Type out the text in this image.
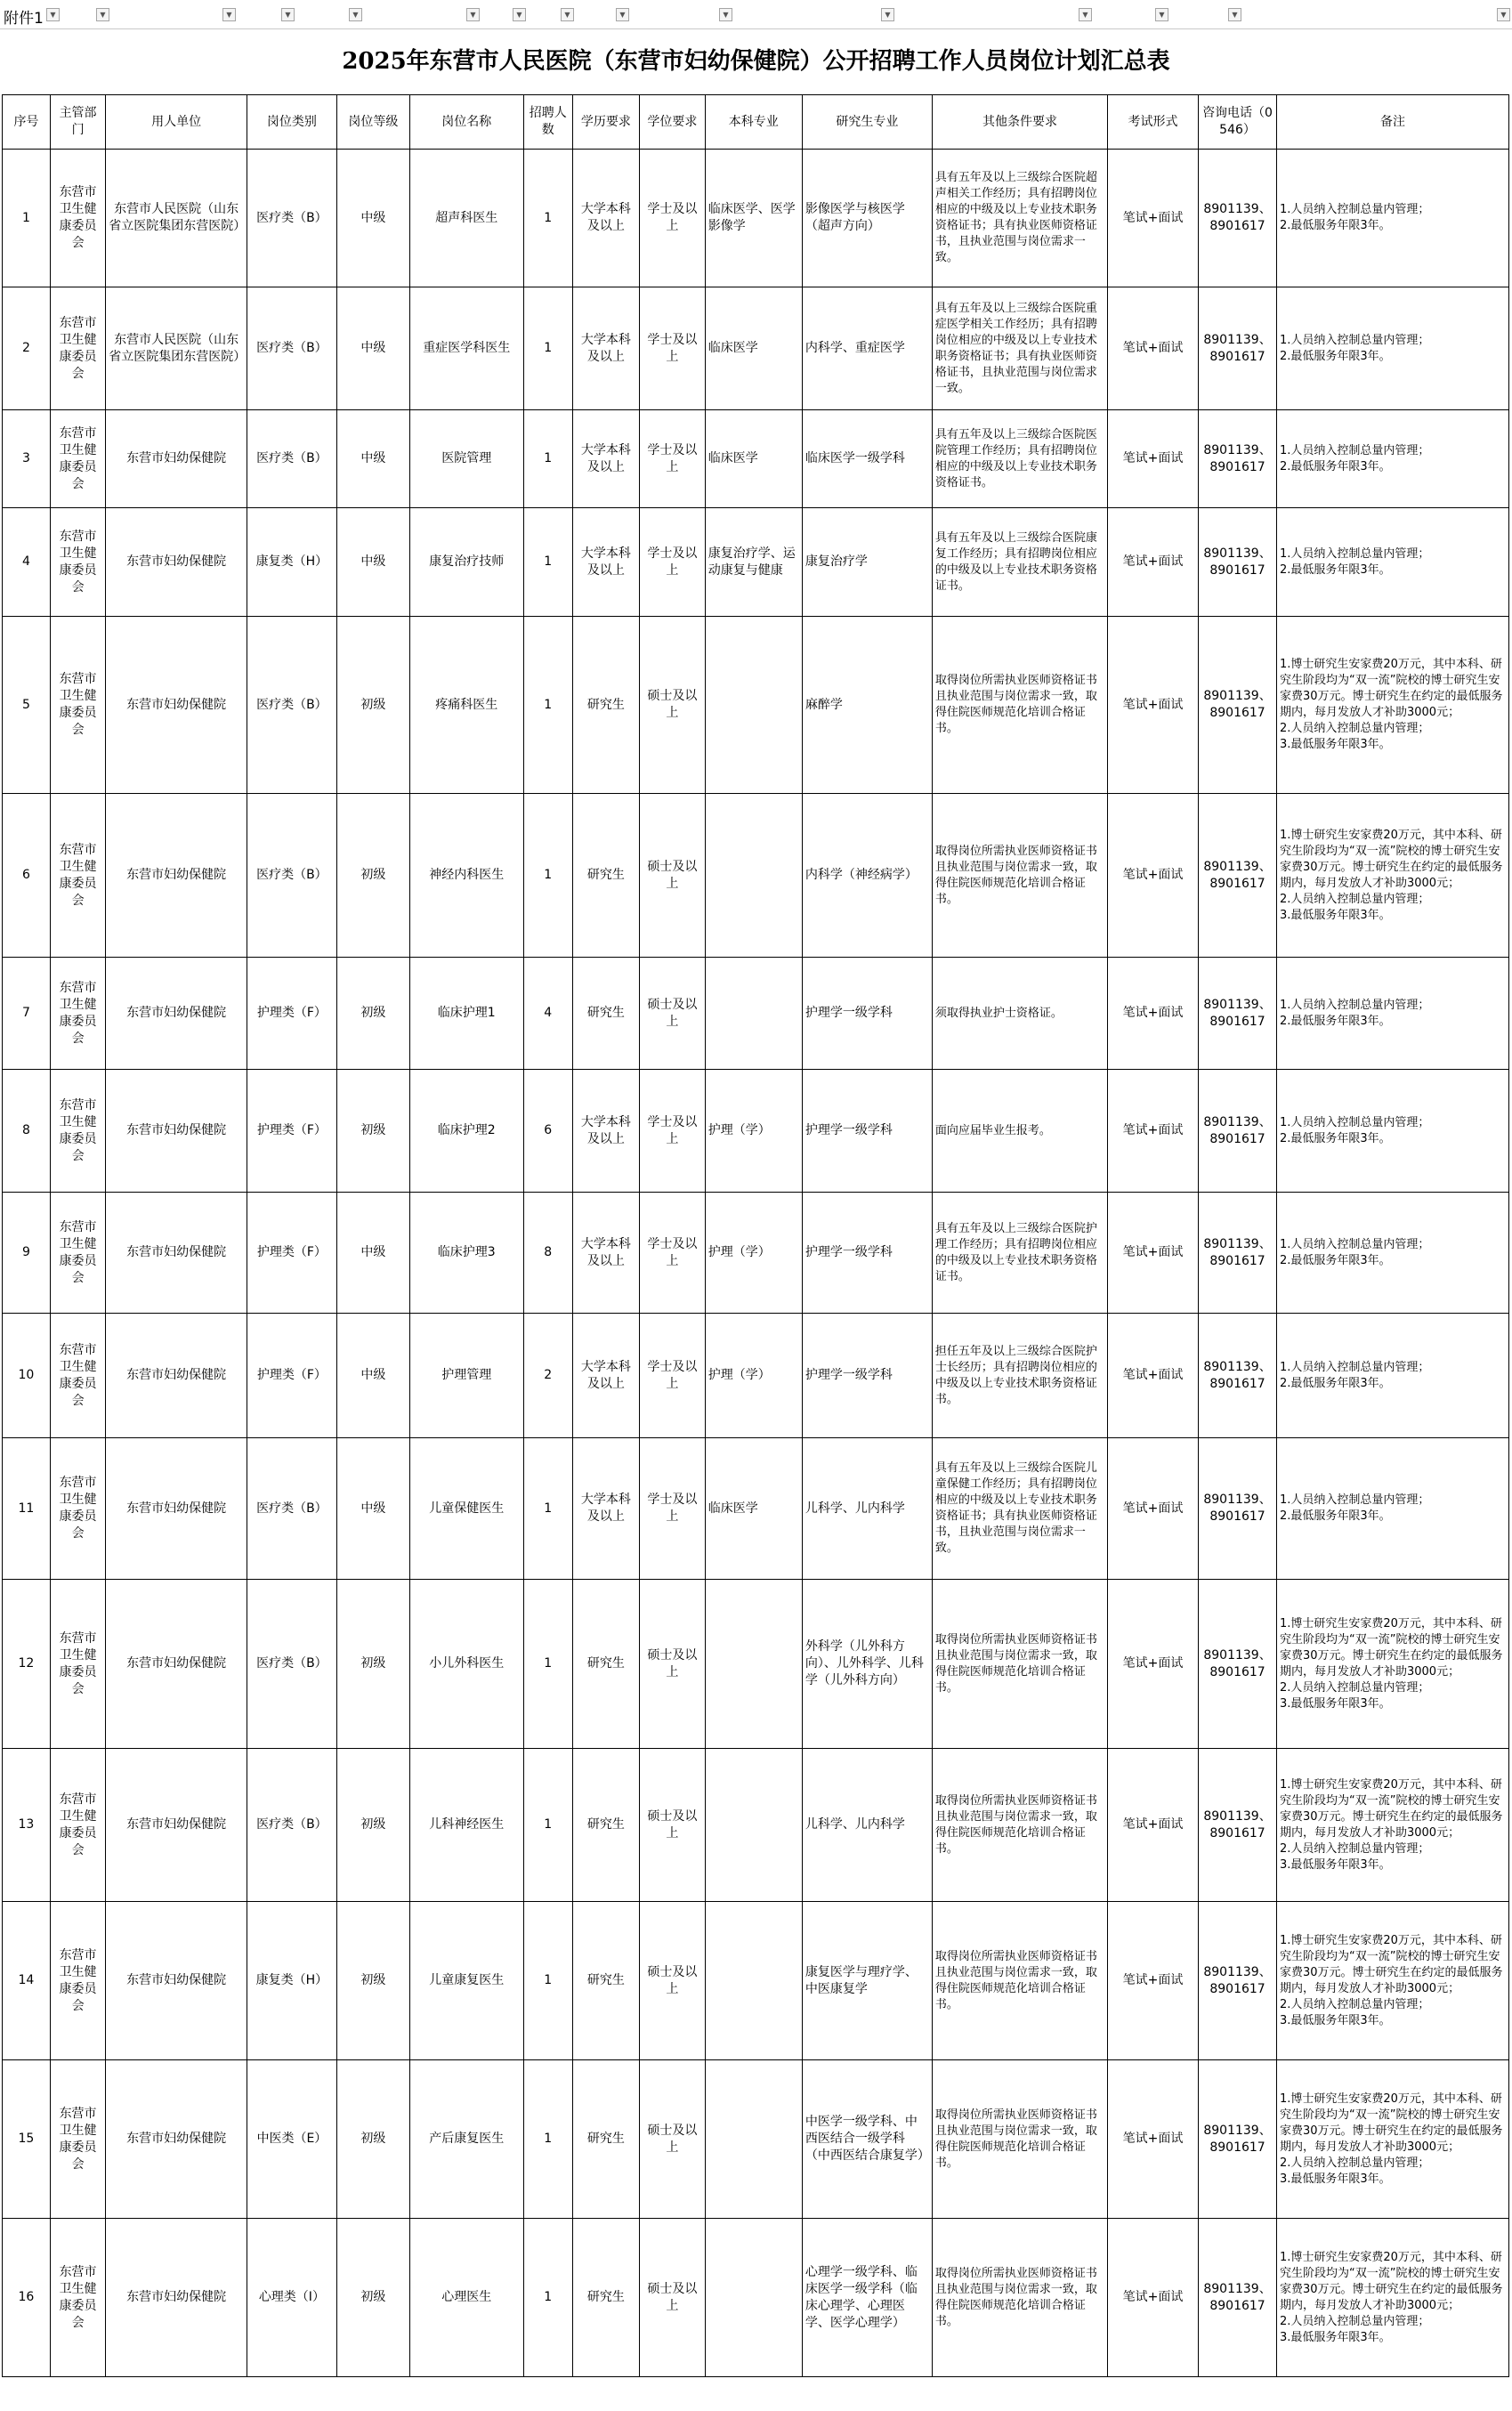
附件1 ▼	▼	▼	▼	▼	▼	▼	▼	▼	▼	▼	▼	▼	▼	▼
2025年东营市人民医院（东营市妇幼保健院）公开招聘工作人员岗位计划汇总表
序号	主管部门	用人单位	岗位类别	岗位等级	岗位名称	招聘人数	学历要求	学位要求	本科专业	研究生专业	其他条件要求	考试形式	咨询电话（0546）	备注
1	东营市卫生健康委员会	东营市人民医院（山东省立医院集团东营医院）	医疗类（B）	中级	超声科医生	1	大学本科及以上	学士及以上	临床医学、医学影像学	影像医学与核医学（超声方向）	具有五年及以上三级综合医院超声相关工作经历；具有招聘岗位相应的中级及以上专业技术职务资格证书；具有执业医师资格证书，且执业范围与岗位需求一致。	笔试+面试	8901139、8901617	1.人员纳入控制总量内管理；
2.最低服务年限3年。
2	东营市卫生健康委员会	东营市人民医院（山东省立医院集团东营医院）	医疗类（B）	中级	重症医学科医生	1	大学本科及以上	学士及以上	临床医学	内科学、重症医学	具有五年及以上三级综合医院重症医学相关工作经历；具有招聘岗位相应的中级及以上专业技术职务资格证书；具有执业医师资格证书，且执业范围与岗位需求一致。	笔试+面试	8901139、8901617	1.人员纳入控制总量内管理；
2.最低服务年限3年。
3	东营市卫生健康委员会	东营市妇幼保健院	医疗类（B）	中级	医院管理	1	大学本科及以上	学士及以上	临床医学	临床医学一级学科	具有五年及以上三级综合医院医院管理工作经历；具有招聘岗位相应的中级及以上专业技术职务资格证书。	笔试+面试	8901139、8901617	1.人员纳入控制总量内管理；
2.最低服务年限3年。
4	东营市卫生健康委员会	东营市妇幼保健院	康复类（H）	中级	康复治疗技师	1	大学本科及以上	学士及以上	康复治疗学、运动康复与健康	康复治疗学	具有五年及以上三级综合医院康复工作经历；具有招聘岗位相应的中级及以上专业技术职务资格证书。	笔试+面试	8901139、8901617	1.人员纳入控制总量内管理；
2.最低服务年限3年。
5	东营市卫生健康委员会	东营市妇幼保健院	医疗类（B）	初级	疼痛科医生	1	研究生	硕士及以上		麻醉学	取得岗位所需执业医师资格证书且执业范围与岗位需求一致，取得住院医师规范化培训合格证书。	笔试+面试	8901139、8901617	1.博士研究生安家费20万元，其中本科、研究生阶段均为“双一流”院校的博士研究生安家费30万元。博士研究生在约定的最低服务期内，每月发放人才补助3000元；
2.人员纳入控制总量内管理；
3.最低服务年限3年。
6	东营市卫生健康委员会	东营市妇幼保健院	医疗类（B）	初级	神经内科医生	1	研究生	硕士及以上		内科学（神经病学）	取得岗位所需执业医师资格证书且执业范围与岗位需求一致，取得住院医师规范化培训合格证书。	笔试+面试	8901139、8901617	1.博士研究生安家费20万元，其中本科、研究生阶段均为“双一流”院校的博士研究生安家费30万元。博士研究生在约定的最低服务期内，每月发放人才补助3000元；
2.人员纳入控制总量内管理；
3.最低服务年限3年。
7	东营市卫生健康委员会	东营市妇幼保健院	护理类（F）	初级	临床护理1	4	研究生	硕士及以上		护理学一级学科	须取得执业护士资格证。	笔试+面试	8901139、8901617	1.人员纳入控制总量内管理；
2.最低服务年限3年。
8	东营市卫生健康委员会	东营市妇幼保健院	护理类（F）	初级	临床护理2	6	大学本科及以上	学士及以上	护理（学）	护理学一级学科	面向应届毕业生报考。	笔试+面试	8901139、8901617	1.人员纳入控制总量内管理；
2.最低服务年限3年。
9	东营市卫生健康委员会	东营市妇幼保健院	护理类（F）	中级	临床护理3	8	大学本科及以上	学士及以上	护理（学）	护理学一级学科	具有五年及以上三级综合医院护理工作经历；具有招聘岗位相应的中级及以上专业技术职务资格证书。	笔试+面试	8901139、8901617	1.人员纳入控制总量内管理；
2.最低服务年限3年。
10	东营市卫生健康委员会	东营市妇幼保健院	护理类（F）	中级	护理管理	2	大学本科及以上	学士及以上	护理（学）	护理学一级学科	担任五年及以上三级综合医院护士长经历；具有招聘岗位相应的中级及以上专业技术职务资格证书。	笔试+面试	8901139、8901617	1.人员纳入控制总量内管理；
2.最低服务年限3年。
11	东营市卫生健康委员会	东营市妇幼保健院	医疗类（B）	中级	儿童保健医生	1	大学本科及以上	学士及以上	临床医学	儿科学、儿内科学	具有五年及以上三级综合医院儿童保健工作经历；具有招聘岗位相应的中级及以上专业技术职务资格证书；具有执业医师资格证书，且执业范围与岗位需求一致。	笔试+面试	8901139、8901617	1.人员纳入控制总量内管理；
2.最低服务年限3年。
12	东营市卫生健康委员会	东营市妇幼保健院	医疗类（B）	初级	小儿外科医生	1	研究生	硕士及以上		外科学（儿外科方向）、儿外科学、儿科学（儿外科方向）	取得岗位所需执业医师资格证书且执业范围与岗位需求一致，取得住院医师规范化培训合格证书。	笔试+面试	8901139、8901617	1.博士研究生安家费20万元，其中本科、研究生阶段均为“双一流”院校的博士研究生安家费30万元。博士研究生在约定的最低服务期内，每月发放人才补助3000元；
2.人员纳入控制总量内管理；
3.最低服务年限3年。
13	东营市卫生健康委员会	东营市妇幼保健院	医疗类（B）	初级	儿科神经医生	1	研究生	硕士及以上		儿科学、儿内科学	取得岗位所需执业医师资格证书且执业范围与岗位需求一致，取得住院医师规范化培训合格证书。	笔试+面试	8901139、8901617	1.博士研究生安家费20万元，其中本科、研究生阶段均为“双一流”院校的博士研究生安家费30万元。博士研究生在约定的最低服务期内，每月发放人才补助3000元；
2.人员纳入控制总量内管理；
3.最低服务年限3年。
14	东营市卫生健康委员会	东营市妇幼保健院	康复类（H）	初级	儿童康复医生	1	研究生	硕士及以上		康复医学与理疗学、中医康复学	取得岗位所需执业医师资格证书且执业范围与岗位需求一致，取得住院医师规范化培训合格证书。	笔试+面试	8901139、8901617	1.博士研究生安家费20万元，其中本科、研究生阶段均为“双一流”院校的博士研究生安家费30万元。博士研究生在约定的最低服务期内，每月发放人才补助3000元；
2.人员纳入控制总量内管理；
3.最低服务年限3年。
15	东营市卫生健康委员会	东营市妇幼保健院	中医类（E）	初级	产后康复医生	1	研究生	硕士及以上		中医学一级学科、中西医结合一级学科（中西医结合康复学）	取得岗位所需执业医师资格证书且执业范围与岗位需求一致，取得住院医师规范化培训合格证书。	笔试+面试	8901139、8901617	1.博士研究生安家费20万元，其中本科、研究生阶段均为“双一流”院校的博士研究生安家费30万元。博士研究生在约定的最低服务期内，每月发放人才补助3000元；
2.人员纳入控制总量内管理；
3.最低服务年限3年。
16	东营市卫生健康委员会	东营市妇幼保健院	心理类（I）	初级	心理医生	1	研究生	硕士及以上		心理学一级学科、临床医学一级学科（临床心理学、心理医学、医学心理学）	取得岗位所需执业医师资格证书且执业范围与岗位需求一致，取得住院医师规范化培训合格证书。	笔试+面试	8901139、8901617	1.博士研究生安家费20万元，其中本科、研究生阶段均为“双一流”院校的博士研究生安家费30万元。博士研究生在约定的最低服务期内，每月发放人才补助3000元；
2.人员纳入控制总量内管理；
3.最低服务年限3年。
